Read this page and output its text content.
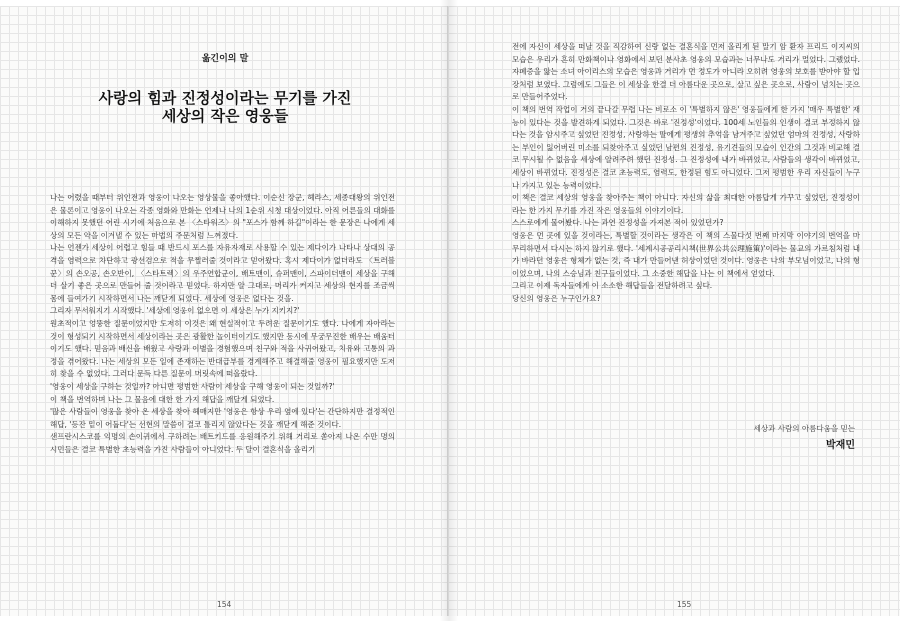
옮긴이의 말
사랑의 힘과 진정성이라는 무기를 가진
세상의 작은 영웅들

나는 어렸을 때부터 위인전과 영웅이 나오는 영상물을 좋아했다. 이순신 장군, 헤라스, 세종대왕의 위인전은 물론이고 영웅이 나오는 각종 영화와 만화는 언제나 나의 1순위 시청 대상이었다. 아직 어른들의 대화를 이해하지 못했던 어린 시기에 처음으로 본 〈스타워즈〉의 "포스가 함께 하길"이라는 한 문장은 나에게 세상의 모든 악을 이겨낼 수 있는 마법의 주문처럼 느껴졌다.

나는 언젠가 세상이 어렵고 힘들 때 반드시 포스를 자유자재로 사용할 수 있는 제다이가 나타나 상대의 공격을 염력으로 차단하고 광선검으로 적을 무찔러줄 것이라고 믿어왔다. 혹시 제다이가 없더라도 〈트러블꾼〉의 손오공, 손오반이, 〈스타트렉〉의 우주연합군이, 배트맨이, 슈퍼맨이, 스파이더맨이 세상을 구해 더 살기 좋은 곳으로 만들어 줄 것이라고 믿었다. 하지만 알 그대로, 머리가 커지고 세상의 현지를 조금씩 몸에 들여가기 시작하면서 나는 깨닫게 되었다. 세상에 영웅은 없다는 것을.

그리자 무서워지기 시작했다. '세상에 영웅이 없으면 이 세상은 누가 지키지?'

원초적이고 엉뚱한 질문이었지만 도저히 이것은 왜 현실적이고 두려운 질문이기도 했다. 나에게 자아라는 것이 형성되기 시작하면서 세상이라는 곳은 광활한 놀이터이기도 했지만 동시에 무궁무진한 배우는 배움터이기도 했다. 믿음과 배신을 배웠고 사랑과 이별을 경험했으며 친구와 적을 사귀어왔고, 치유와 고통의 과정을 겪어왔다. 나는 세상의 모든 일에 존재하는 반대급부를 경계해주고 해결해줄 영웅이 필요했지만 도저히 찾을 수 없었다. 그러다 문득 다른 질문이 머릿속에 떠올랐다.

'영웅이 세상을 구하는 것일까? 아니면 평범한 사람이 세상을 구해 영웅이 되는 것일까?'

이 책을 번역하며 나는 그 물음에 대한 한 가지 해답을 깨달게 되었다.

'많은 사람들이 영웅을 찾아 온 세상을 찾아 헤매지만 '영웅은 항상 우리 옆에 있다'는 간단하지만 결정적인 해답, '등잔 밑이 어둡다'는 선현의 말씀이 결코 틀리지 않았다는 것을 깨닫게 해준 것이다.

샌프란시스코를 익명의 손이귀에서 구하려는 배트키드를 응원해주기 위해 거리로 쏟아져 나온 수만 명의 시민들은 결코 특별한 초능력을 가진 사람들이 아니었다. 두 달이 결혼식을 올리기

154	155

전에 자신이 세상을 떠날 것을 직감하여 신랑 없는 결혼식을 먼저 올리게 된 말기 암 환자 프리드 이지씨의 모습은 우리가 흔히 만화책이나 영화에서 보던 분사초 영웅의 모습과는 너무나도 거리가 멀었다. 그랬었다. 자폐증을 앓는 소녀 아이리스의 모습은 영웅과 거리가 먼 정도가 아니라 오히려 영웅의 보호를 받아야 할 입장처럼 보였다. 그럼에도 그들은 이 세상을 한결 더 아름다운 곳으로, 살고 싶은 곳으로, 사람이 넘치는 곳으로 만들어주었다.

이 책의 번역 작업이 거의 끝나갈 무렵 나는 비로소 이 '특별하지 않은' 영웅들에게 한 가지 '매우 특별한' 재능이 있다는 것을 발견하게 되었다. 그것은 바로 '진정성'이었다. 100세 노인들의 인생이 결코 부정하지 않다는 것을 암시주고 싶었던 진정성, 사랑하는 딸에게 평생의 추억을 남겨주고 싶었던 엄마의 진정성, 사랑하는 부인이 잃어버린 미소를 되찾아주고 싶었던 남편의 진정성, 유기견들의 모습이 인간의 그것과 비교해 결코 무시될 수 없음을 세상에 알려주려 했던 진정성. 그 진정성에 내가 바뀌었고, 사람들의 생각이 바뀌었고, 세상이 바뀌었다. 진정성은 결코 초능력도, 염력도, 한정된 힘도 아니었다. 그저 평범한 우리 자신들이 누구나 가지고 있는 능력이었다.

이 책은 결코 세상의 영웅을 찾아주는 책이 아니다. 자신의 삶을 최대한 아름답게 가꾸고 싶었던, 진정성이라는 한 가지 무기를 가진 작은 영웅들의 이야기이다.

스스로에게 물어봤다. 나는 과연 진정성을 가져본 적이 있었던가?

영웅은 먼 곳에 있을 것이라는, 특별할 것이라는 생각은 이 책의 스물다섯 번째 마지막 이야기의 번역을 마무리하면서 다시는 하지 않기로 했다. '세계시공공리시책(世界公共公理施策)'이라는 물교의 가르침처럼 내가 바라던 영웅은 형체가 없는 것, 즉 내가 만들어낸 허상이었던 것이다. 영웅은 나의 부모님이었고, 나의 형이었으며, 나의 스승님과 친구들이었다. 그 소중한 해답을 나는 이 책에서 얻었다.

그리고 이제 독자들에게 이 소소한 해답들을 전달하려고 싶다.

당신의 영웅은 누구인가요?

세상과 사람의 아름다움을 믿는
박재민
